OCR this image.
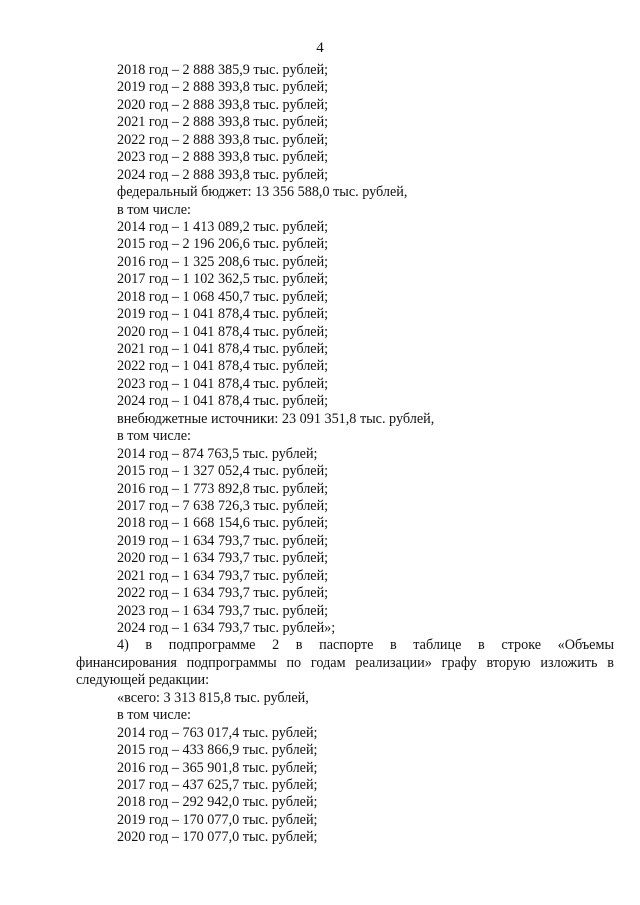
4
2018 год – 2 888 385,9 тыс. рублей;
2019 год – 2 888 393,8 тыс. рублей;
2020 год – 2 888 393,8 тыс. рублей;
2021 год – 2 888 393,8 тыс. рублей;
2022 год – 2 888 393,8 тыс. рублей;
2023 год – 2 888 393,8 тыс. рублей;
2024 год – 2 888 393,8 тыс. рублей;
федеральный бюджет: 13 356 588,0 тыс. рублей,
в том числе:
2014 год – 1 413 089,2 тыс. рублей;
2015 год – 2 196 206,6 тыс. рублей;
2016 год – 1 325 208,6 тыс. рублей;
2017 год – 1 102 362,5 тыс. рублей;
2018 год – 1 068 450,7 тыс. рублей;
2019 год – 1 041 878,4 тыс. рублей;
2020 год – 1 041 878,4 тыс. рублей;
2021 год – 1 041 878,4 тыс. рублей;
2022 год – 1 041 878,4 тыс. рублей;
2023 год – 1 041 878,4 тыс. рублей;
2024 год – 1 041 878,4 тыс. рублей;
внебюджетные источники: 23 091 351,8 тыс. рублей,
в том числе:
2014 год – 874 763,5 тыс. рублей;
2015 год – 1 327 052,4 тыс. рублей;
2016 год – 1 773 892,8 тыс. рублей;
2017 год – 7 638 726,3 тыс. рублей;
2018 год – 1 668 154,6 тыс. рублей;
2019 год – 1 634 793,7 тыс. рублей;
2020 год – 1 634 793,7 тыс. рублей;
2021 год – 1 634 793,7 тыс. рублей;
2022 год – 1 634 793,7 тыс. рублей;
2023 год – 1 634 793,7 тыс. рублей;
2024 год – 1 634 793,7 тыс. рублей»;
4) в подпрограмме 2 в паспорте в таблице в строке «Объемы
финансирования подпрограммы по годам реализации» графу вторую изложить в
следующей редакции:
«всего: 3 313 815,8 тыс. рублей,
в том числе:
2014 год – 763 017,4 тыс. рублей;
2015 год – 433 866,9 тыс. рублей;
2016 год – 365 901,8 тыс. рублей;
2017 год – 437 625,7 тыс. рублей;
2018 год – 292 942,0 тыс. рублей;
2019 год – 170 077,0 тыс. рублей;
2020 год – 170 077,0 тыс. рублей;
